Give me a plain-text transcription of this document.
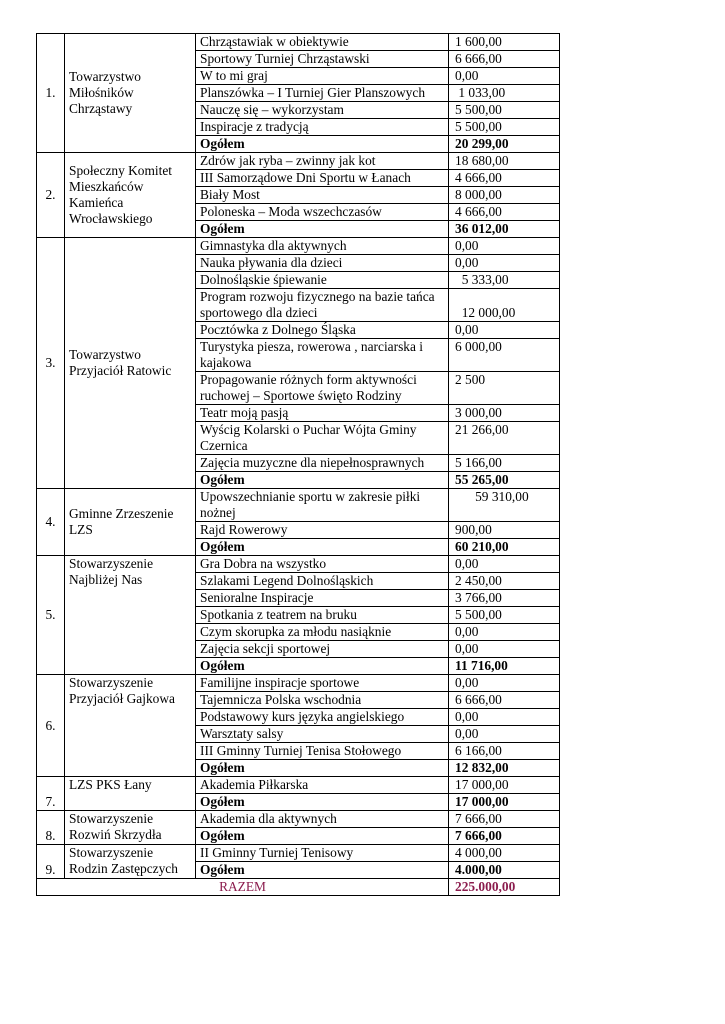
1.	Towarzystwo Miłośników Chrząstawy	Chrząstawiak w obiektywie	1 600,00
		Sportowy Turniej Chrząstawski	6 666,00
		W to mi graj	0,00
		Planszówka – I Turniej Gier Planszowych	1 033,00
		Nauczę się – wykorzystam	5 500,00
		Inspiracje z tradycją	5 500,00
		Ogółem	20 299,00
2.	Społeczny Komitet Mieszkańców Kamieńca Wrocławskiego	Zdrów jak ryba – zwinny jak kot	18 680,00
		III Samorządowe Dni Sportu w Łanach	4 666,00
		Biały Most	8 000,00
		Poloneska – Moda wszechczasów	4 666,00
		Ogółem	36 012,00
3.	Towarzystwo Przyjaciół Ratowic	Gimnastyka dla aktywnych	0,00
		Nauka pływania dla dzieci	0,00
		Dolnośląskie śpiewanie	5 333,00
		Program rozwoju fizycznego na bazie tańca sportowego dla dzieci	12 000,00
		Pocztówka z Dolnego Śląska	0,00
		Turystyka piesza, rowerowa , narciarska i kajakowa	6 000,00
		Propagowanie różnych form aktywności ruchowej – Sportowe święto Rodziny	2 500
		Teatr moją pasją	3 000,00
		Wyścig Kolarski o Puchar Wójta Gminy Czernica	21 266,00
		Zajęcia muzyczne dla niepełnosprawnych	5 166,00
		Ogółem	55 265,00
4.	Gminne Zrzeszenie LZS	Upowszechnianie sportu w zakresie piłki nożnej	59 310,00
		Rajd Rowerowy	900,00
		Ogółem	60 210,00
5.	Stowarzyszenie Najbliżej Nas	Gra Dobra na wszystko	0,00
		Szlakami Legend Dolnośląskich	2 450,00
		Senioralne Inspiracje	3 766,00
		Spotkania z teatrem na bruku	5 500,00
		Czym skorupka za młodu nasiąknie	0,00
		Zajęcia sekcji sportowej	0,00
		Ogółem	11 716,00
6.	Stowarzyszenie Przyjaciół Gajkowa	Familijne inspiracje sportowe	0,00
		Tajemnicza Polska wschodnia	6 666,00
		Podstawowy kurs języka angielskiego	0,00
		Warsztaty salsy	0,00
		III Gminny Turniej Tenisa Stołowego	6 166,00
		Ogółem	12 832,00
7.	LZS PKS Łany	Akademia Piłkarska	17 000,00
		Ogółem	17 000,00
8.	Stowarzyszenie Rozwiń Skrzydła	Akademia dla aktywnych	7 666,00
		Ogółem	7 666,00
9.	Stowarzyszenie Rodzin Zastępczych	II Gminny Turniej Tenisowy	4 000,00
		Ogółem	4.000,00
RAZEM			225.000,00
